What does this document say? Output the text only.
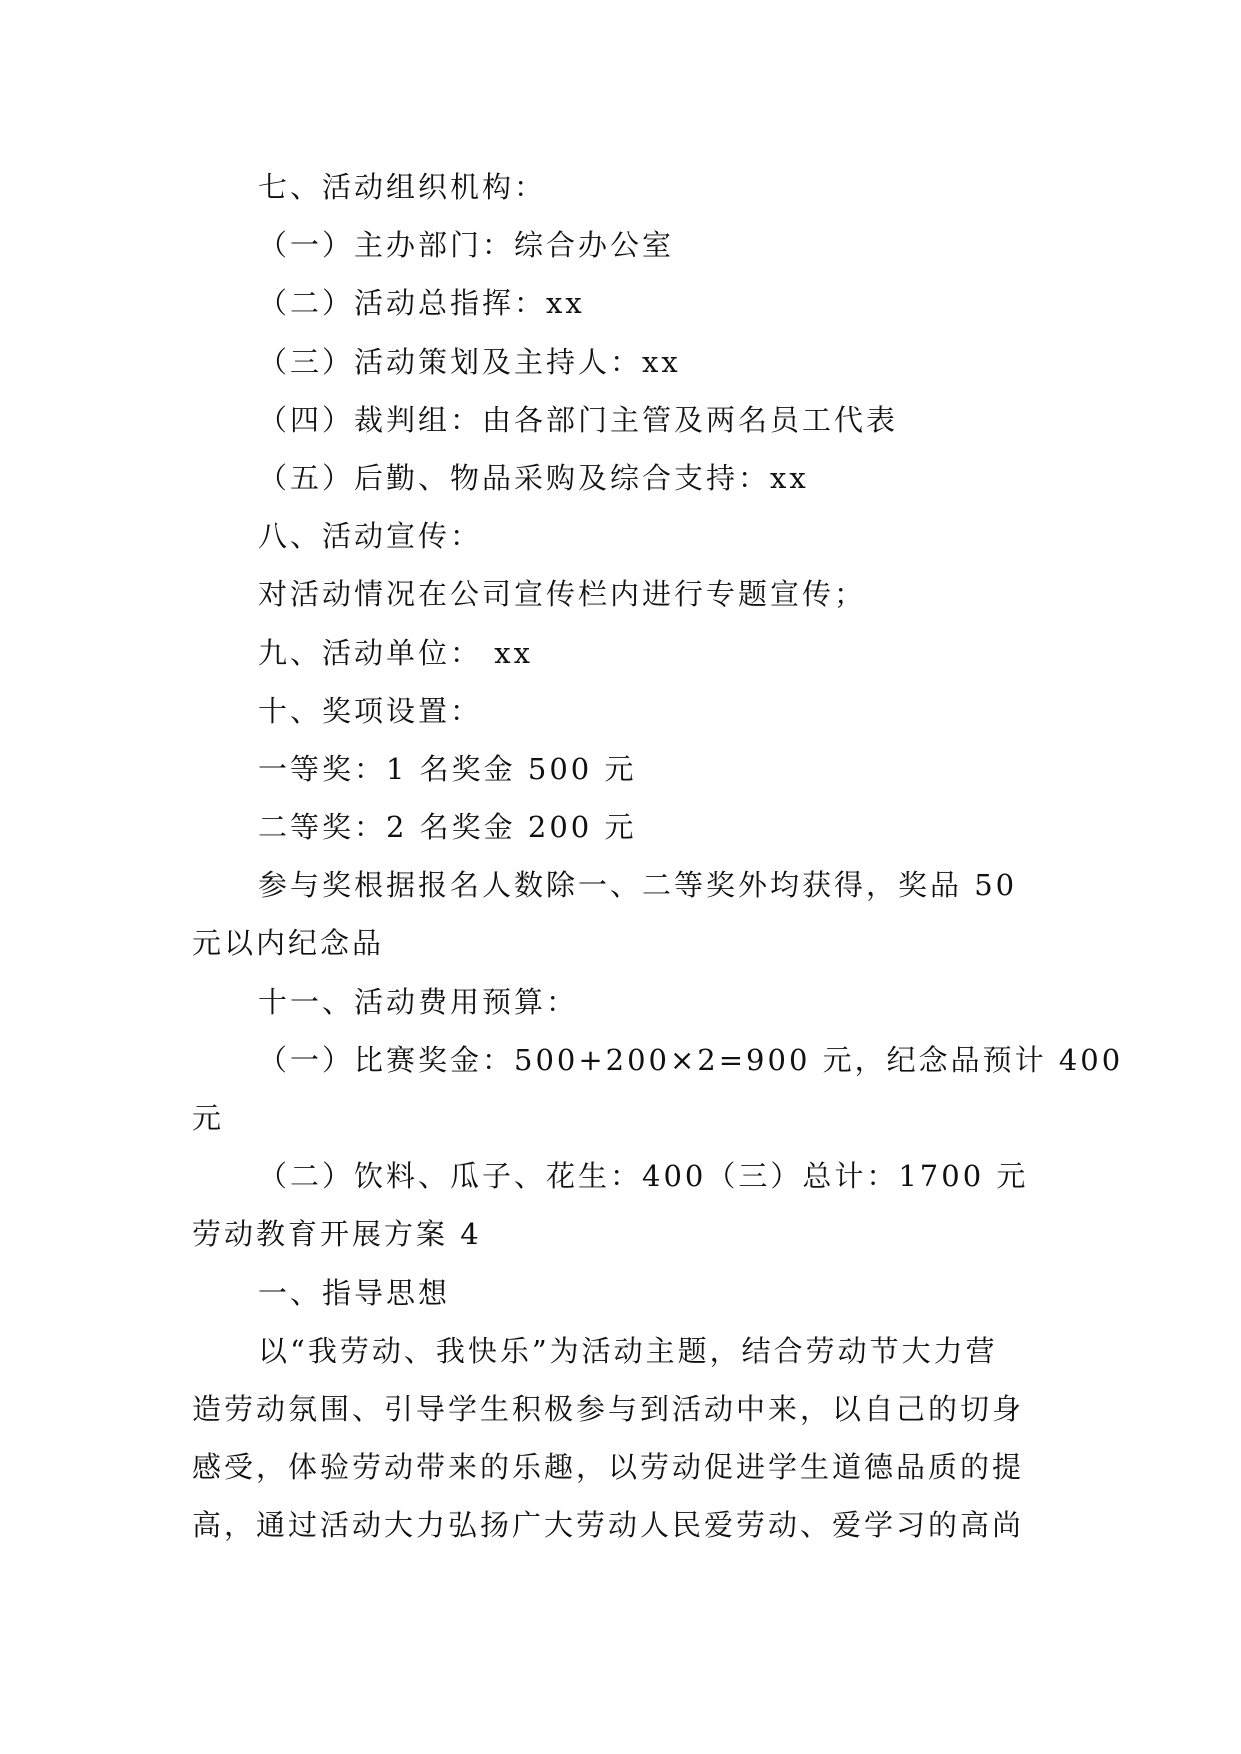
七、活动组织机构：
（一）主办部门：综合办公室
（二）活动总指挥：xx
（三）活动策划及主持人：xx
（四）裁判组：由各部门主管及两名员工代表
（五）后勤、物品采购及综合支持：xx
八、活动宣传：
对活动情况在公司宣传栏内进行专题宣传；
九、活动单位： xx
十、奖项设置：
一等奖：1 名奖金 500 元
二等奖：2 名奖金 200 元
参与奖根据报名人数除一、二等奖外均获得，奖品 50
元以内纪念品
十一、活动费用预算：
（一）比赛奖金：500+200×2=900 元，纪念品预计 400
元
（二）饮料、瓜子、花生：400（三）总计：1700 元
劳动教育开展方案 4
一、指导思想
以“我劳动、我快乐”为活动主题，结合劳动节大力营
造劳动氛围、引导学生积极参与到活动中来，以自己的切身
感受，体验劳动带来的乐趣，以劳动促进学生道德品质的提
高，通过活动大力弘扬广大劳动人民爱劳动、爱学习的高尚
